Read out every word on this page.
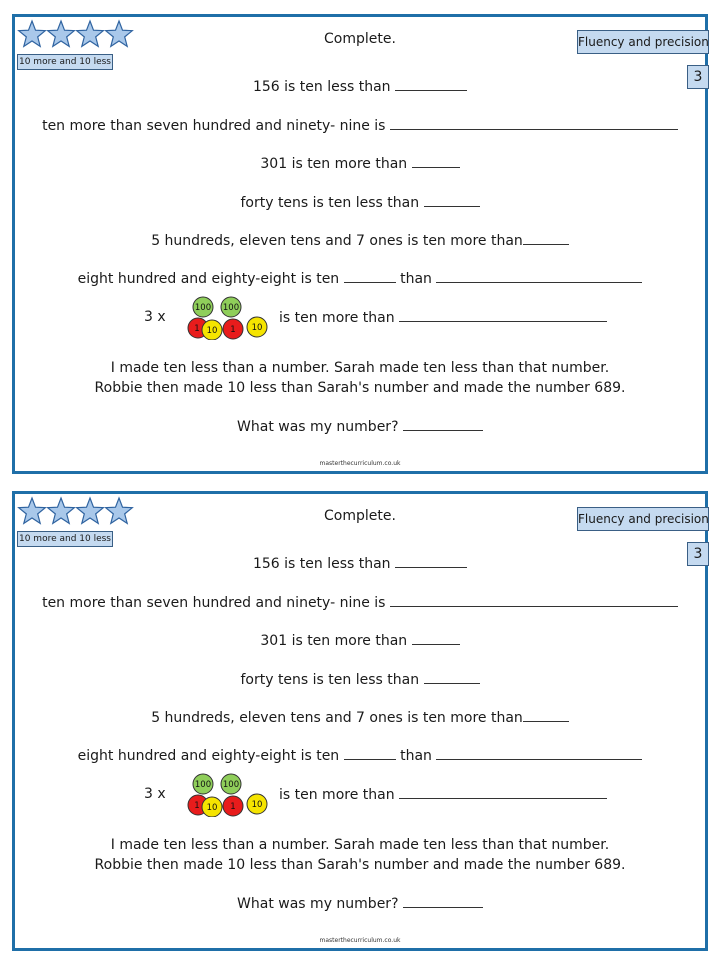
10 more and 10 less
Complete.	Fluency and precision
3
156 is ten less than
ten more than seven hundred and ninety- nine is
301 is ten more than
forty tens is ten less than
5 hundreds, eleven tens and 7 ones is ten more than
eight hundred and eighty-eight is ten	than
3 x
100 100
1 10 1 10
is ten more than
I made ten less than a number. Sarah made ten less than that number.
Robbie then made 10 less than Sarah's number and made the number 689.
What was my number?
masterthecurriculum.co.uk
10 more and 10 less
Complete.	Fluency and precision
3
156 is ten less than
ten more than seven hundred and ninety- nine is
301 is ten more than
forty tens is ten less than
5 hundreds, eleven tens and 7 ones is ten more than
eight hundred and eighty-eight is ten	than
3 x
100 100
1 10 1 10
is ten more than
I made ten less than a number. Sarah made ten less than that number.
Robbie then made 10 less than Sarah's number and made the number 689.
What was my number?
masterthecurriculum.co.uk
